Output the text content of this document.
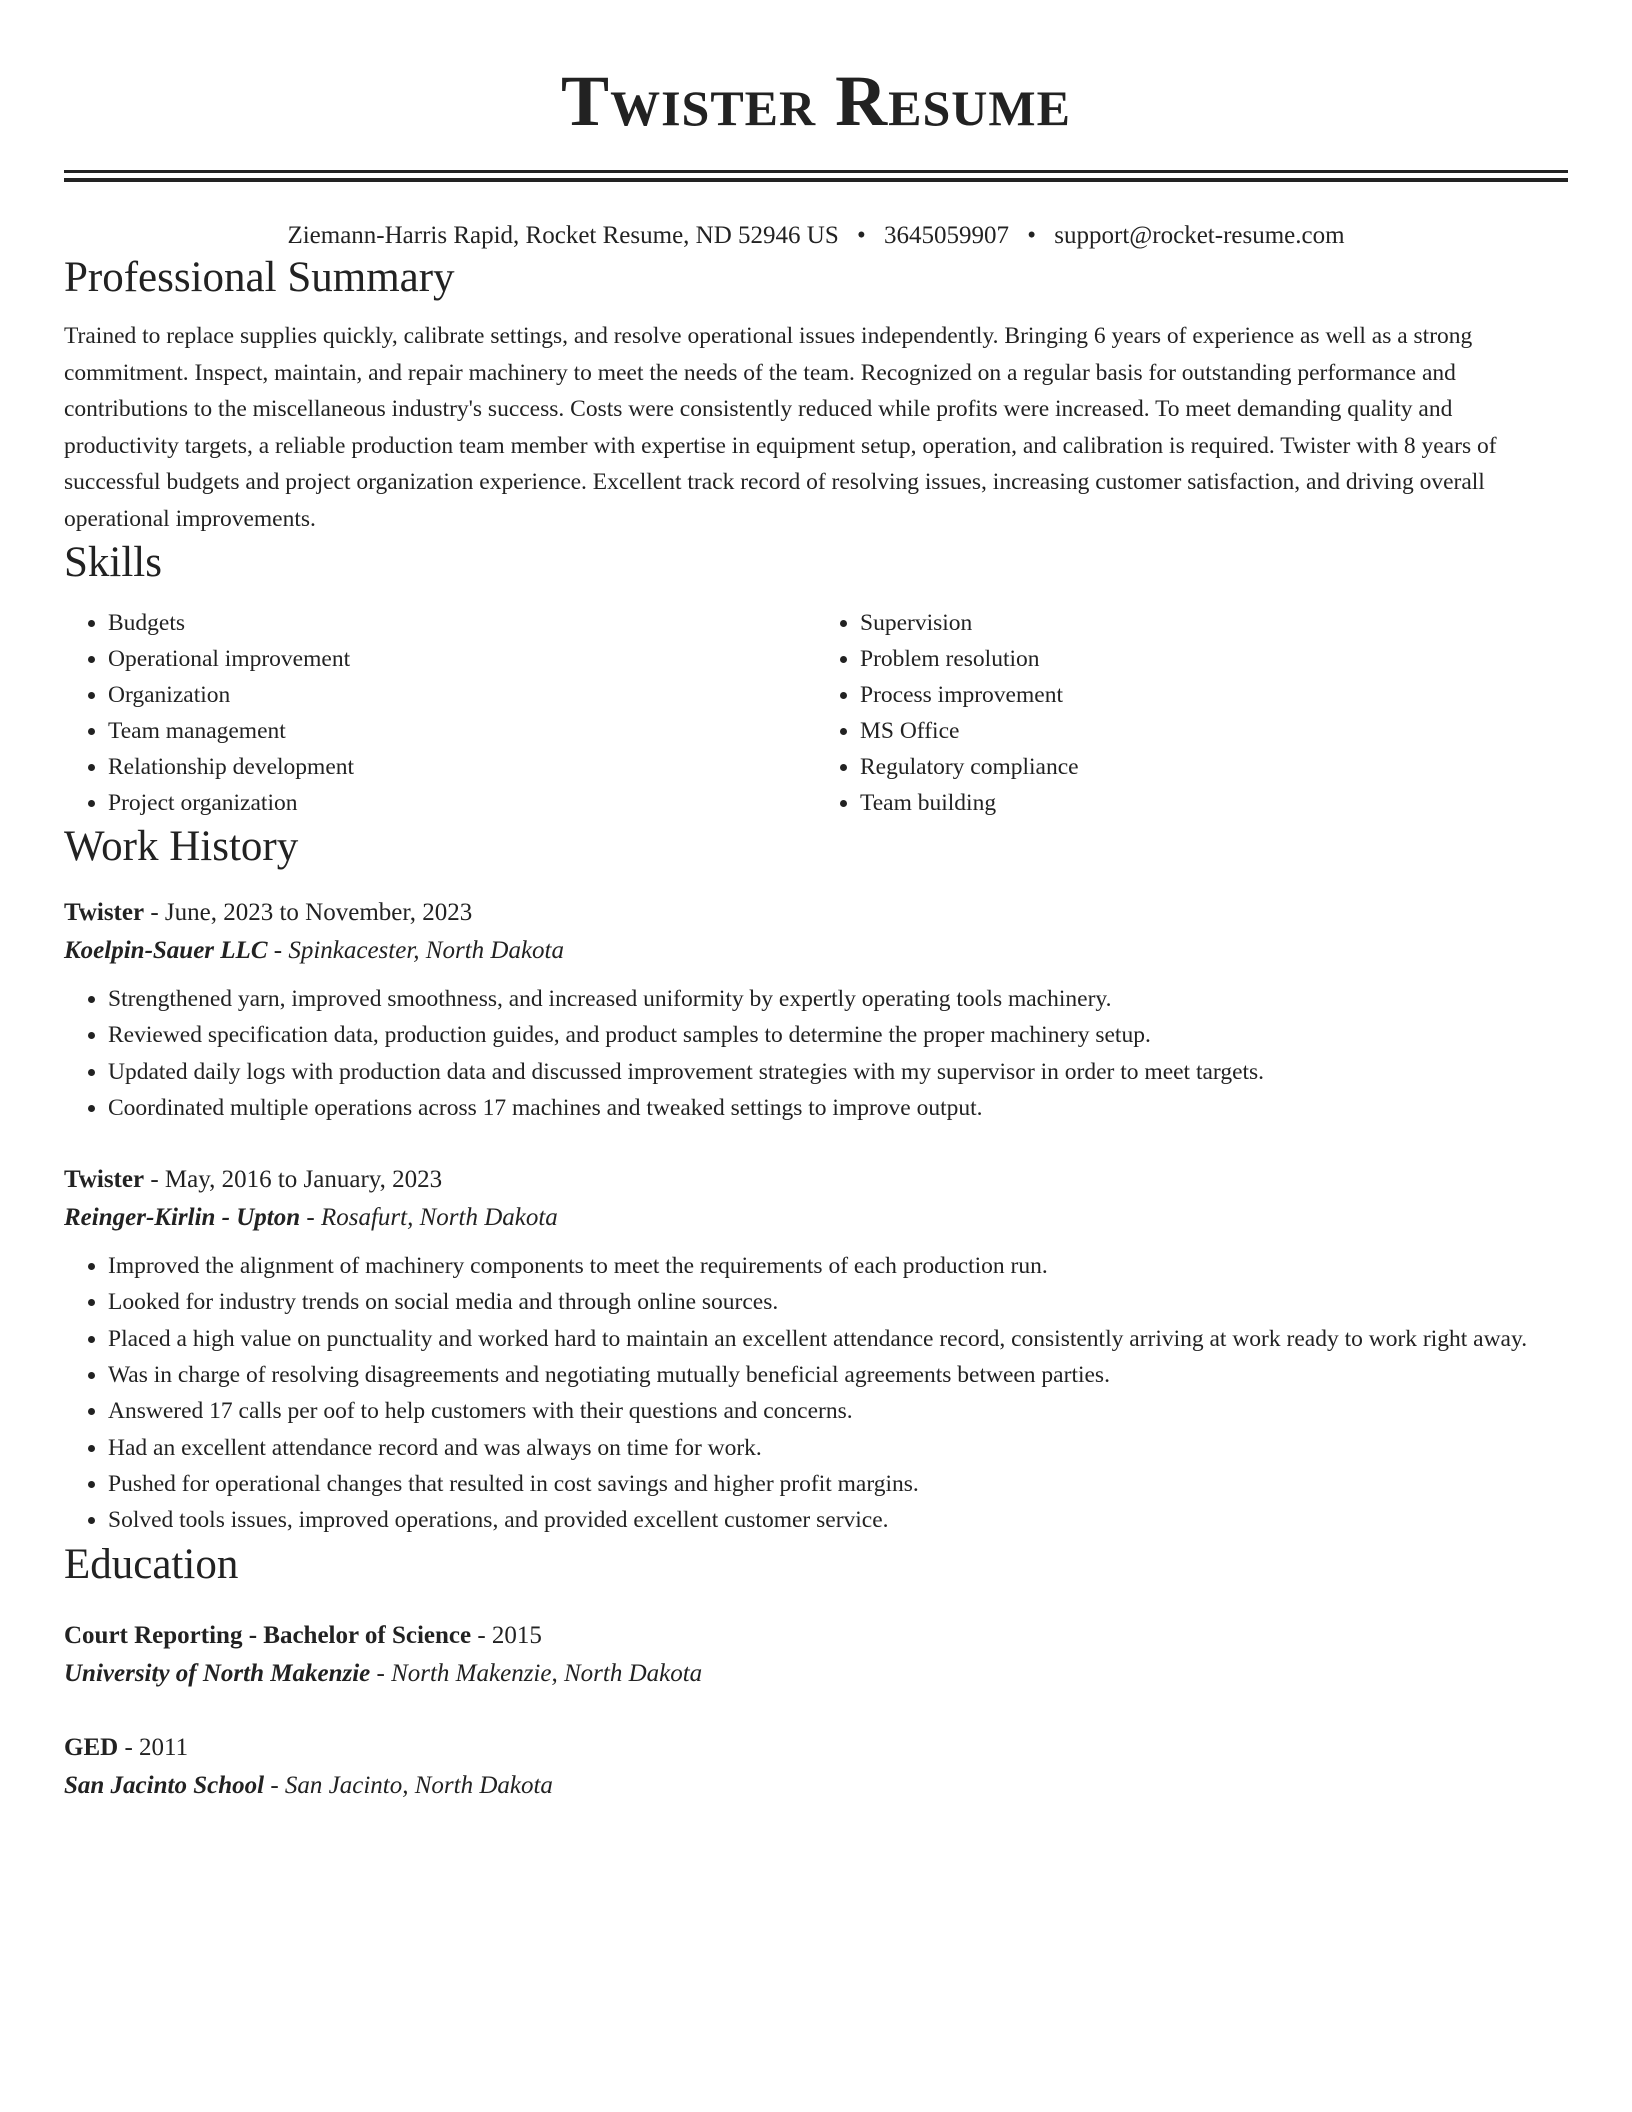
Twister Resume
Ziemann-Harris Rapid, Rocket Resume, ND 52946 US • 3645059907 • support@rocket-resume.com
Professional Summary
Trained to replace supplies quickly, calibrate settings, and resolve operational issues independently. Bringing 6 years of experience as well as a strong commitment. Inspect, maintain, and repair machinery to meet the needs of the team. Recognized on a regular basis for outstanding performance and contributions to the miscellaneous industry's success. Costs were consistently reduced while profits were increased. To meet demanding quality and productivity targets, a reliable production team member with expertise in equipment setup, operation, and calibration is required. Twister with 8 years of successful budgets and project organization experience. Excellent track record of resolving issues, increasing customer satisfaction, and driving overall operational improvements.
Skills
• Budgets
• Operational improvement
• Organization
• Team management
• Relationship development
• Project organization
• Supervision
• Problem resolution
• Process improvement
• MS Office
• Regulatory compliance
• Team building
Work History
Twister - June, 2023 to November, 2023
Koelpin-Sauer LLC - Spinkacester, North Dakota
• Strengthened yarn, improved smoothness, and increased uniformity by expertly operating tools machinery.
• Reviewed specification data, production guides, and product samples to determine the proper machinery setup.
• Updated daily logs with production data and discussed improvement strategies with my supervisor in order to meet targets.
• Coordinated multiple operations across 17 machines and tweaked settings to improve output.
Twister - May, 2016 to January, 2023
Reinger-Kirlin - Upton - Rosafurt, North Dakota
• Improved the alignment of machinery components to meet the requirements of each production run.
• Looked for industry trends on social media and through online sources.
• Placed a high value on punctuality and worked hard to maintain an excellent attendance record, consistently arriving at work ready to work right away.
• Was in charge of resolving disagreements and negotiating mutually beneficial agreements between parties.
• Answered 17 calls per oof to help customers with their questions and concerns.
• Had an excellent attendance record and was always on time for work.
• Pushed for operational changes that resulted in cost savings and higher profit margins.
• Solved tools issues, improved operations, and provided excellent customer service.
Education
Court Reporting - Bachelor of Science - 2015
University of North Makenzie - North Makenzie, North Dakota
GED - 2011
San Jacinto School - San Jacinto, North Dakota
